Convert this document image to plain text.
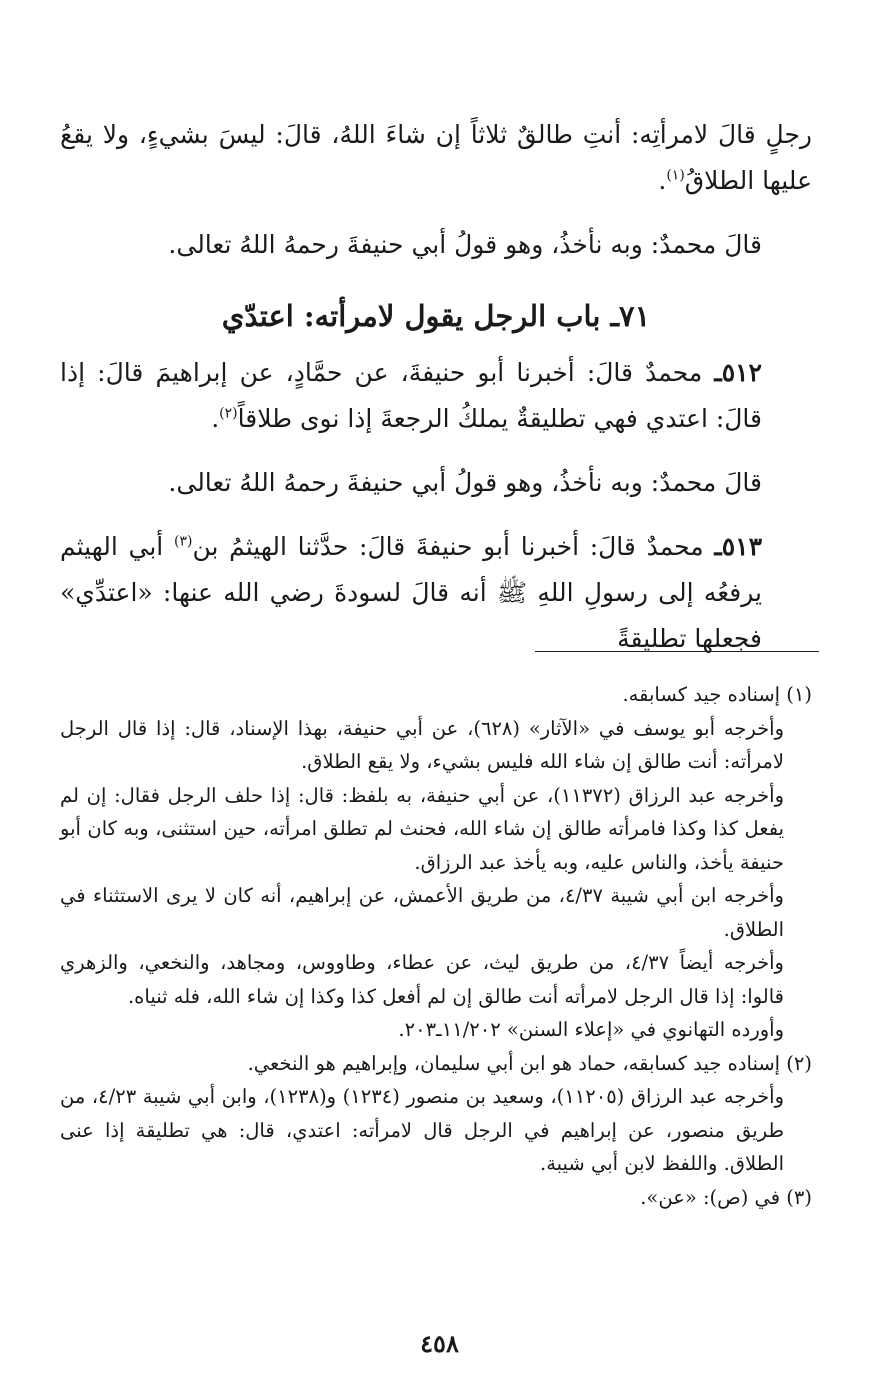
رجلٍ قالَ لامرأتِه: أنتِ طالقٌ ثلاثاً إن شاءَ اللهُ، قالَ: ليسَ بشيءٍ، ولا يقعُ عليها الطلاقُ$^{(١)}$.

قالَ محمدٌ: وبه نأخذُ، وهو قولُ أبي حنيفةَ رحمهُ اللهُ تعالى.

٧١ـ باب الرجل يقول لامرأته: اعتدّي

٥١٢ـ محمدٌ قالَ: أخبرنا أبو حنيفةَ، عن حمَّادٍ، عن إبراهيمَ قالَ: إذا قالَ: اعتدي فهي تطليقةٌ يملكُ الرجعةَ إذا نوى طلاقاً$^{(٢)}$.

قالَ محمدٌ: وبه نأخذُ، وهو قولُ أبي حنيفةَ رحمهُ اللهُ تعالى.

٥١٣ـ محمدٌ قالَ: أخبرنا أبو حنيفةَ قالَ: حدَّثنا الهيثمُ بن$^{(٣)}$ أبي الهيثم يرفعُه إلى رسولِ اللهِ ﷺ أنه قالَ لسودةَ رضي الله عنها: «اعتدِّي» فجعلها تطليقةً

(١) إسناده جيد كسابقه.

وأخرجه أبو يوسف في «الآثار» (٦٢٨)، عن أبي حنيفة، بهذا الإسناد، قال: إذا قال الرجل لامرأته: أنت طالق إن شاء الله فليس بشيء، ولا يقع الطلاق.

وأخرجه عبد الرزاق (١١٣٧٢)، عن أبي حنيفة، به بلفظ: قال: إذا حلف الرجل فقال: إن لم يفعل كذا وكذا فامرأته طالق إن شاء الله، فحنث لم تطلق امرأته، حين استثنى، وبه كان أبو حنيفة يأخذ، والناس عليه، وبه يأخذ عبد الرزاق.

وأخرجه ابن أبي شيبة ٤/٣٧، من طريق الأعمش، عن إبراهيم، أنه كان لا يرى الاستثناء في الطلاق.

وأخرجه أيضاً ٤/٣٧، من طريق ليث، عن عطاء، وطاووس، ومجاهد، والنخعي، والزهري قالوا: إذا قال الرجل لامرأته أنت طالق إن لم أفعل كذا وكذا إن شاء الله، فله ثنياه.

وأورده التهانوي في «إعلاء السنن» ١١/٢٠٢ـ٢٠٣.

(٢) إسناده جيد كسابقه، حماد هو ابن أبي سليمان، وإبراهيم هو النخعي.

وأخرجه عبد الرزاق (١١٢٠٥)، وسعيد بن منصور (١٢٣٤) و(١٢٣٨)، وابن أبي شيبة ٤/٢٣، من طريق منصور، عن إبراهيم في الرجل قال لامرأته: اعتدي، قال: هي تطليقة إذا عنى الطلاق. واللفظ لابن أبي شيبة.

(٣) في (ص): «عن».

٤٥٨
